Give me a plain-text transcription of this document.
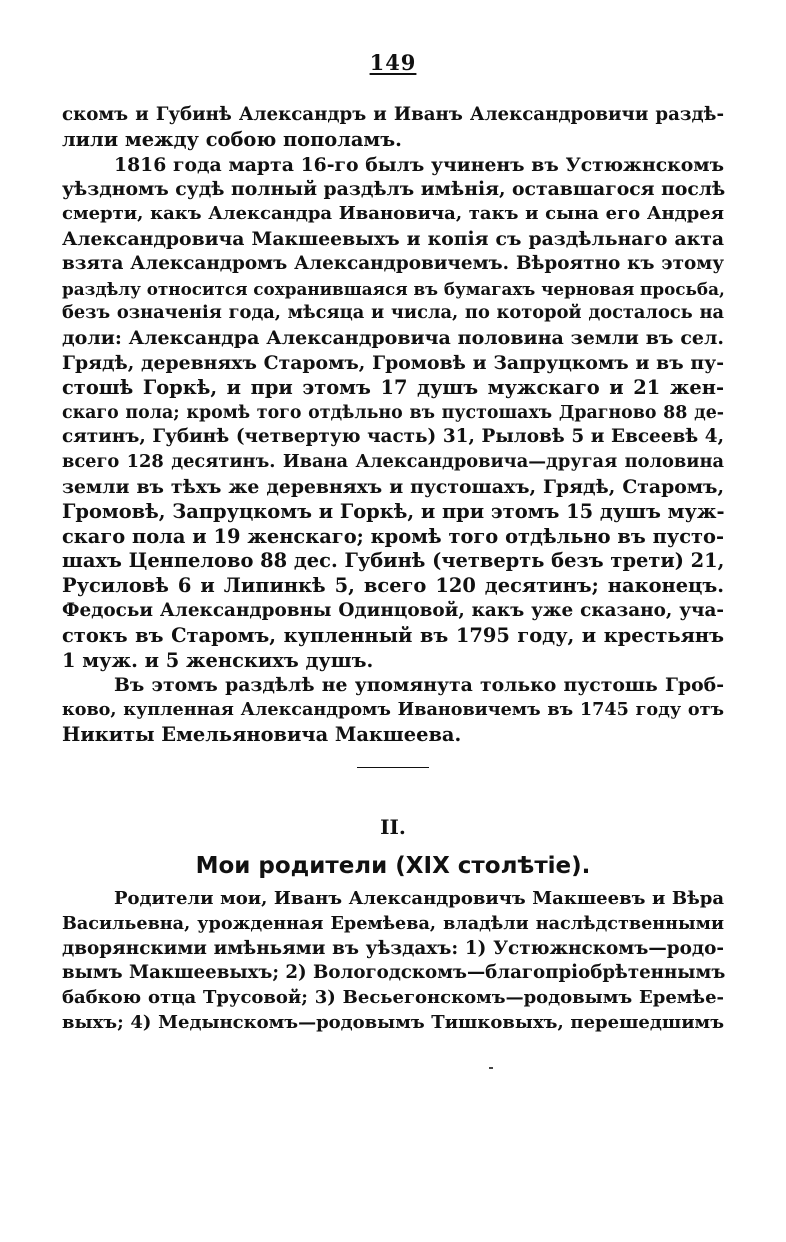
149
скомъ и Губинѣ Александръ и Иванъ Александровичи раздѣ-
лили между собою пополамъ.
1816 года марта 16-го былъ учиненъ въ Устюжнскомъ
уѣздномъ судѣ полный раздѣлъ имѣнія, оставшагося послѣ
смерти, какъ Александра Ивановича, такъ и сына его Андрея
Александровича Макшеевыхъ и копія съ раздѣльнаго акта
взята Александромъ Александровичемъ. Вѣроятно къ этому
раздѣлу относится сохранившаяся въ бумагахъ черновая просьба,
безъ означенія года, мѣсяца и числа, по которой досталось на
доли: Александра Александровича половина земли въ сел.
Грядѣ, деревняхъ Старомъ, Громовѣ и Запруцкомъ и въ пу-
стошѣ Горкѣ, и при этомъ 17 душъ мужскаго и 21 жен-
скаго пола; кромѣ того отдѣльно въ пустошахъ Драгново 88 де-
сятинъ, Губинѣ (четвертую часть) 31, Рыловѣ 5 и Евсеевѣ 4,
всего 128 десятинъ. Ивана Александровича—другая половина
земли въ тѣхъ же деревняхъ и пустошахъ, Грядѣ, Старомъ,
Громовѣ, Запруцкомъ и Горкѣ, и при этомъ 15 душъ муж-
скаго пола и 19 женскаго; кромѣ того отдѣльно въ пусто-
шахъ Ценпелово 88 дес. Губинѣ (четверть безъ трети) 21,
Русиловѣ 6 и Липинкѣ 5, всего 120 десятинъ; наконецъ.
Федосьи Александровны Одинцовой, какъ уже сказано, уча-
стокъ въ Старомъ, купленный въ 1795 году, и крестьянъ
1 муж. и 5 женскихъ душъ.
Въ этомъ раздѣлѣ не упомянута только пустошь Гроб-
ково, купленная Александромъ Ивановичемъ въ 1745 году отъ
Никиты Емельяновича Макшеева.
II.
Мои родители (XIX столѣтіе).
Родители мои, Иванъ Александровичъ Макшеевъ и Вѣра
Васильевна, урожденная Еремѣева, владѣли наслѣдственными
дворянскими имѣньями въ уѣздахъ: 1) Устюжнскомъ—родо-
вымъ Макшеевыхъ; 2) Вологодскомъ—благопріобрѣтеннымъ
бабкою отца Трусовой; 3) Весьегонскомъ—родовымъ Еремѣе-
выхъ; 4) Медынскомъ—родовымъ Тишковыхъ, перешедшимъ
